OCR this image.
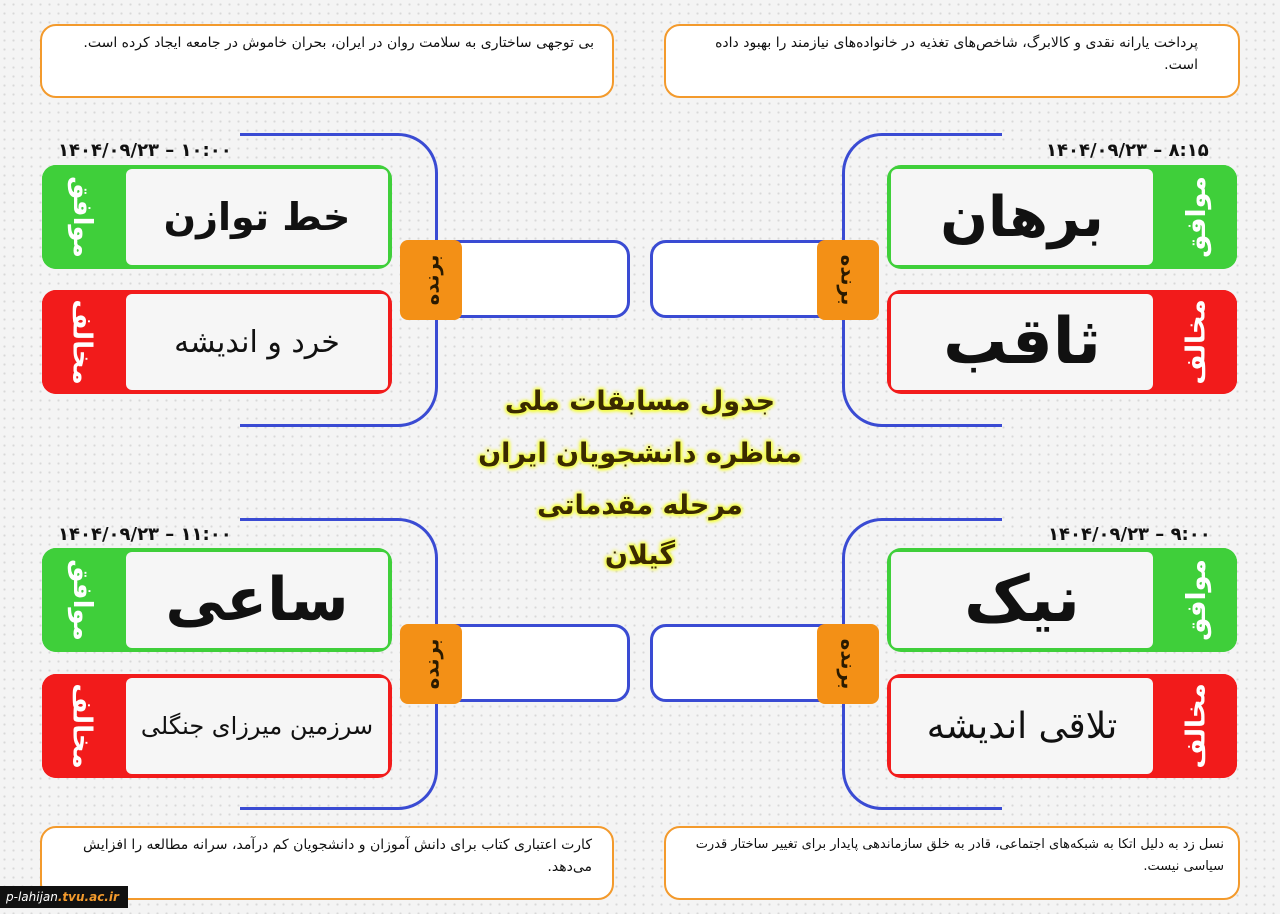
بی توجهی ساختاری به سلامت روان در ایران، بحران خاموش در جامعه ایجاد کرده است.	پرداخت یارانه نقدی و کالابرگ، شاخص‌های تغذیه در خانواده‌های نیازمند را بهبود داده است.
کارت اعتباری کتاب برای دانش آموزان و دانشجویان کم درآمد، سرانه مطالعه را افزایش می‌دهد.
نسل زد به دلیل اتکا به شبکه‌های اجتماعی، قادر به خلق سازماندهی پایدار برای تغییر ساختار قدرت سیاسی نیست.
۱۴۰۴/۰۹/۲۳ – ۸:۱۵
برهان	موافق
ثاقب	مخالف
برنده
۱۴۰۴/۰۹/۲۳ – ۱۰:۰۰
موافق خط توازن
مخالف	خرد و اندیشه
برنده
۱۴۰۴/۰۹/۲۳ – ۹:۰۰
نیک	موافق
تلاقی اندیشه مخالف
برنده
۱۴۰۴/۰۹/۲۳ – ۱۱:۰۰
موافق ساعی
مخالف سرزمین میرزای جنگلی
برنده
جدول مسابقات ملی
مناظره دانشجویان ایران
مرحله مقدماتی
گیلان
p-lahijan.tvu.ac.ir
